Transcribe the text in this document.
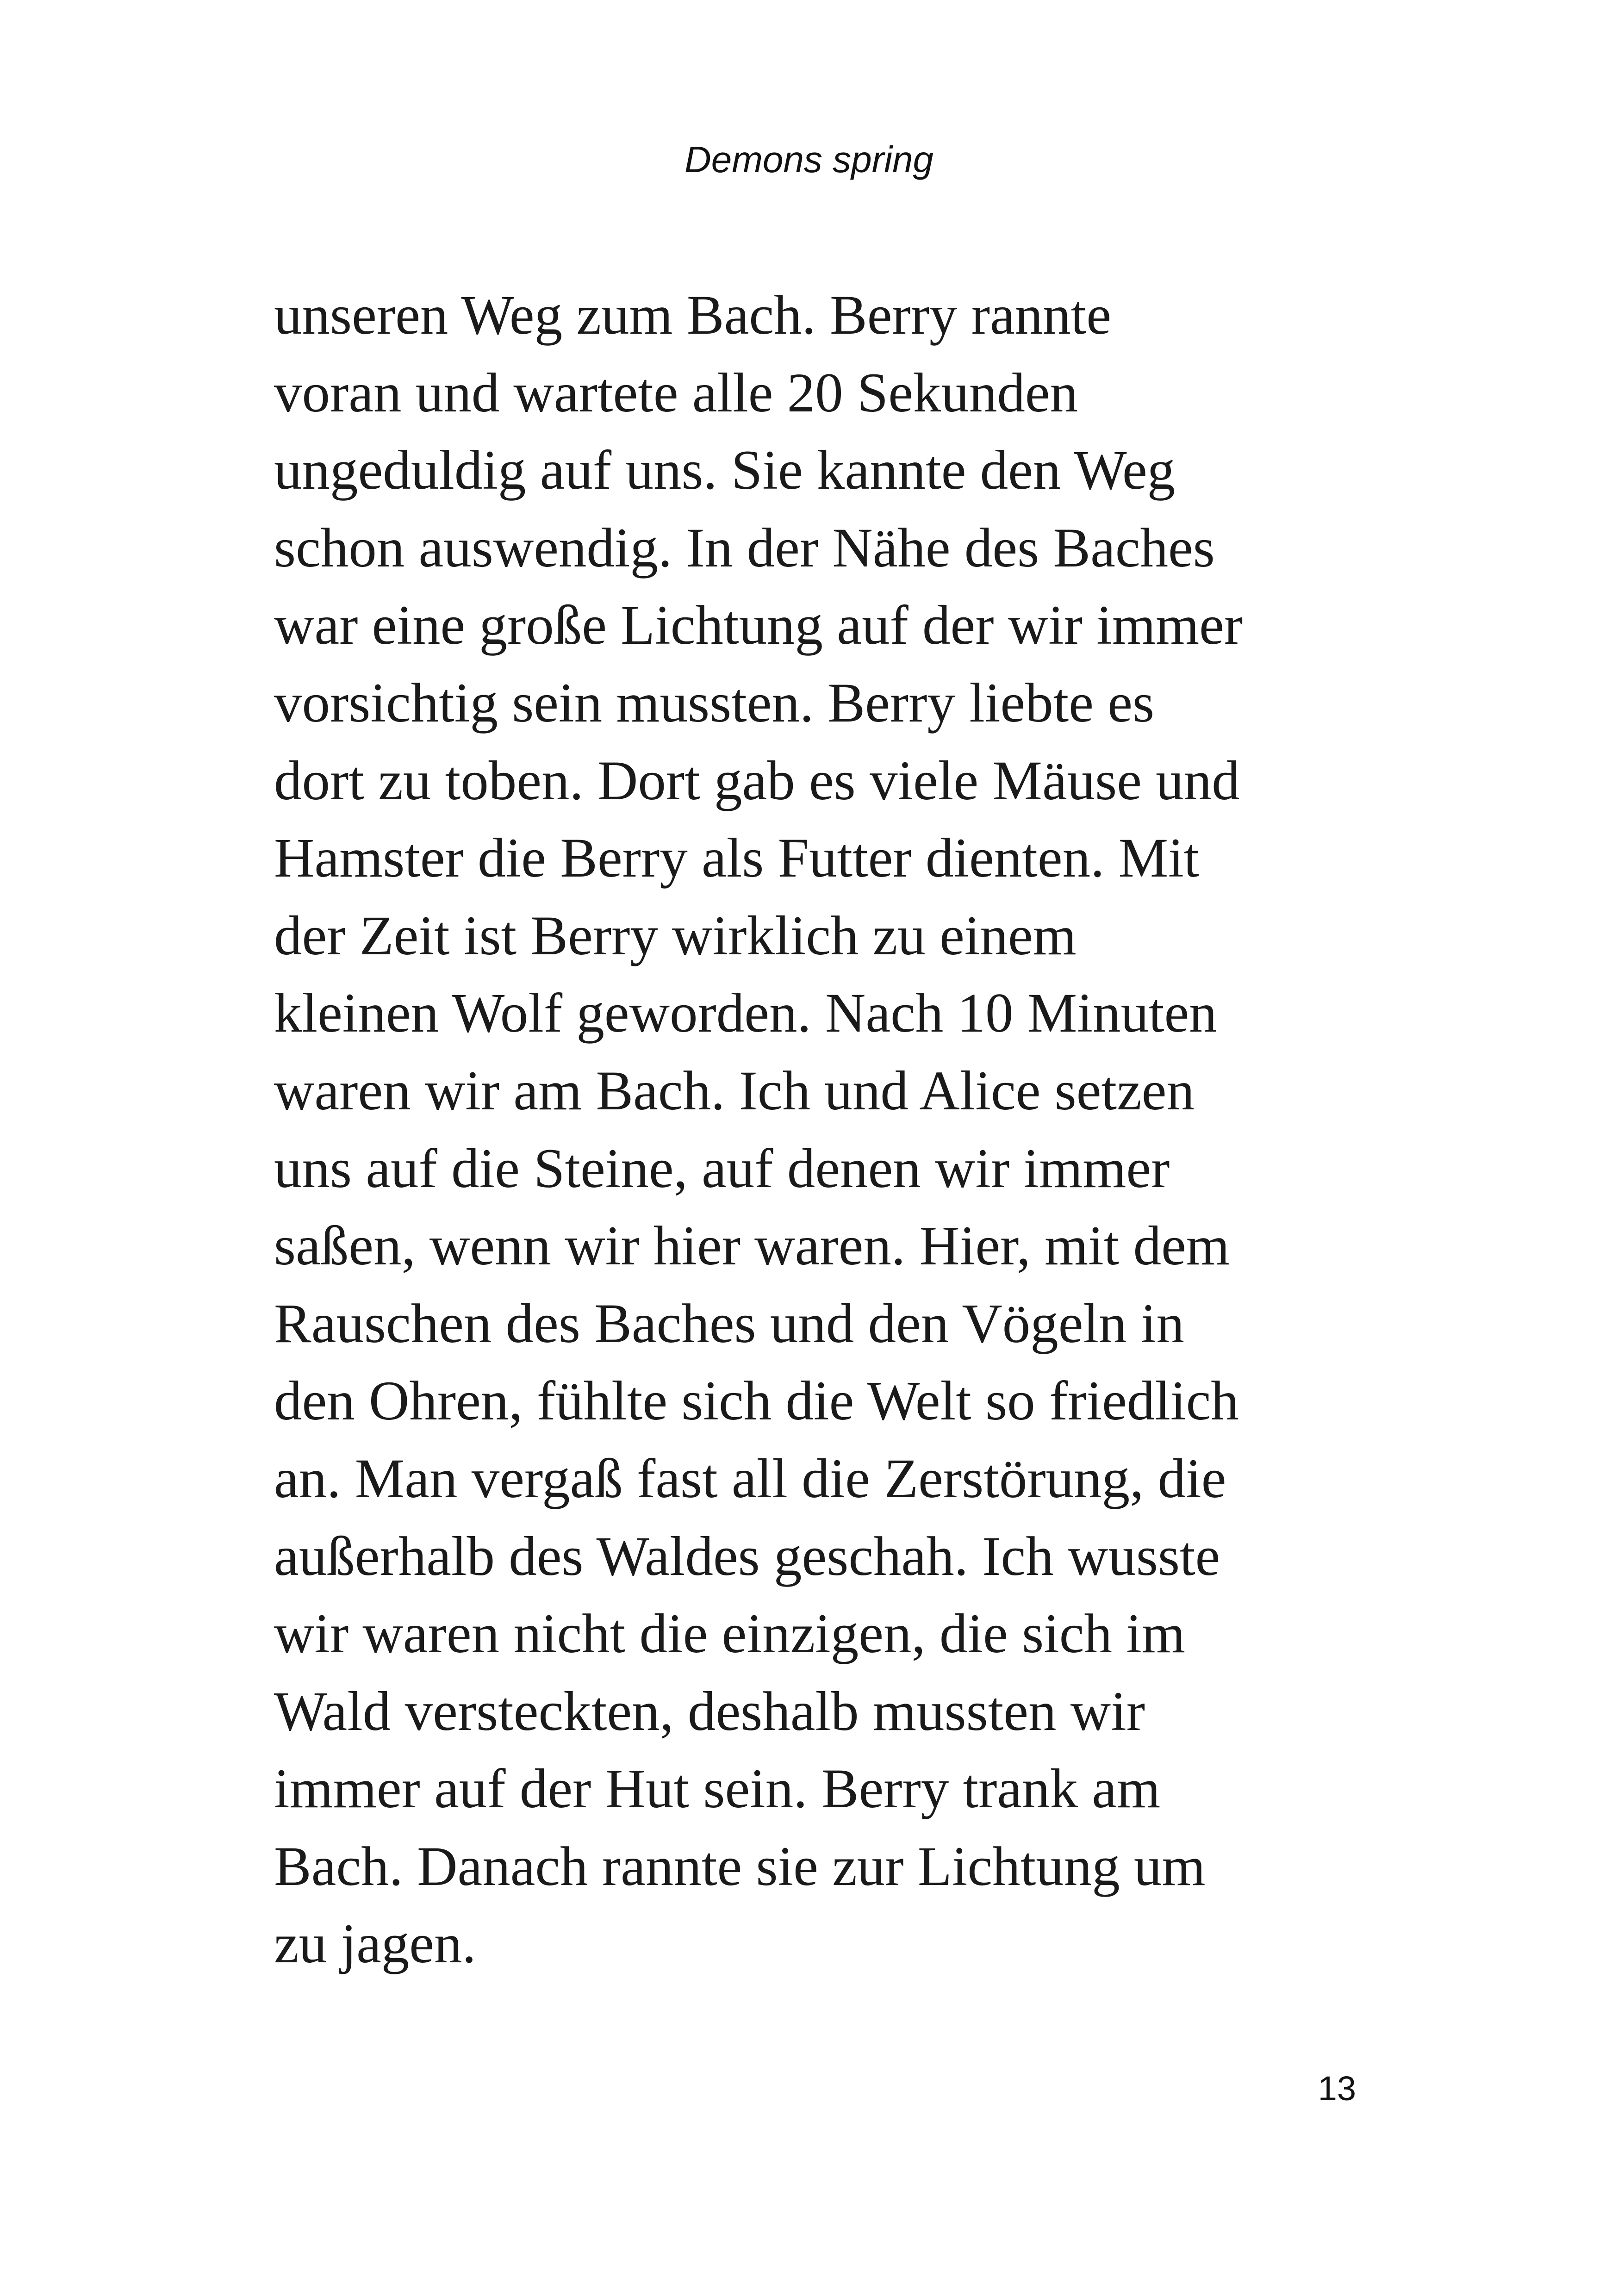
Demons spring
unseren Weg zum Bach. Berry rannte
voran und wartete alle 20 Sekunden
ungeduldig auf uns. Sie kannte den Weg
schon auswendig. In der Nähe des Baches
war eine große Lichtung auf der wir immer
vorsichtig sein mussten. Berry liebte es
dort zu toben. Dort gab es viele Mäuse und
Hamster die Berry als Futter dienten. Mit
der Zeit ist Berry wirklich zu einem
kleinen Wolf geworden. Nach 10 Minuten
waren wir am Bach. Ich und Alice setzen
uns auf die Steine, auf denen wir immer
saßen, wenn wir hier waren. Hier, mit dem
Rauschen des Baches und den Vögeln in
den Ohren, fühlte sich die Welt so friedlich
an. Man vergaß fast all die Zerstörung, die
außerhalb des Waldes geschah. Ich wusste
wir waren nicht die einzigen, die sich im
Wald versteckten, deshalb mussten wir
immer auf der Hut sein. Berry trank am
Bach. Danach rannte sie zur Lichtung um
zu jagen.
13
